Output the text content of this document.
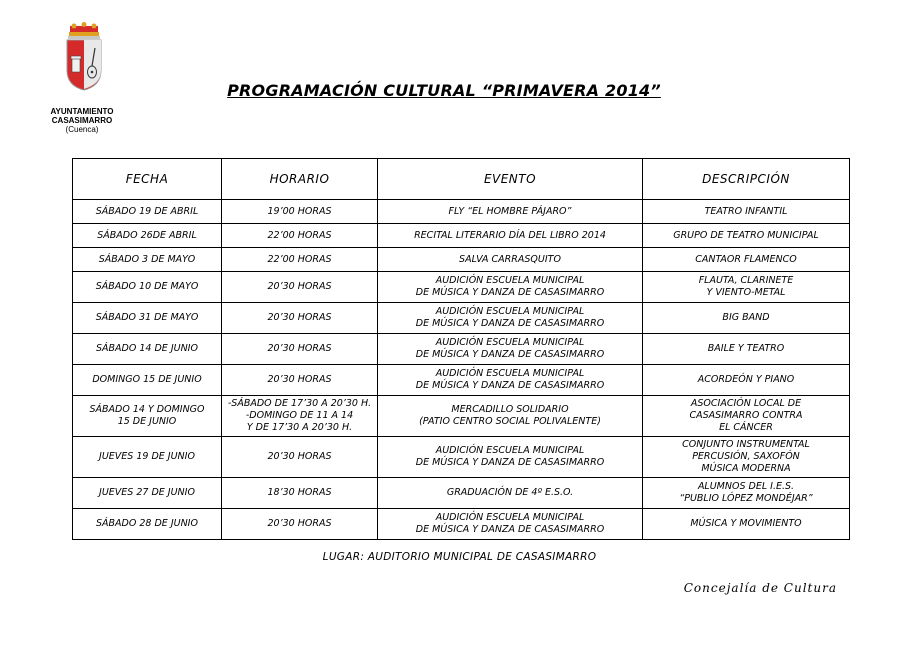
AYUNTAMIENTO
CASASIMARRO
(Cuenca)
PROGRAMACIÓN CULTURAL “PRIMAVERA 2014”
FECHA	HORARIO	EVENTO	DESCRIPCIÓN
SÁBADO 19 DE ABRIL	19’00 HORAS	FLY “EL HOMBRE PÁJARO”	TEATRO INFANTIL
SÁBADO 26DE ABRIL	22’00 HORAS	RECITAL LITERARIO DÍA DEL LIBRO 2014	GRUPO DE TEATRO MUNICIPAL
SÁBADO 3 DE MAYO	22’00 HORAS	SALVA CARRASQUITO	CANTAOR FLAMENCO
SÁBADO 10 DE MAYO	20’30 HORAS	AUDICIÓN ESCUELA MUNICIPAL
DE MÚSICA Y DANZA DE CASASIMARRO	FLAUTA, CLARINETE
Y VIENTO-METAL
SÁBADO 31 DE MAYO	20’30 HORAS	AUDICIÓN ESCUELA MUNICIPAL
DE MÚSICA Y DANZA DE CASASIMARRO	BIG BAND
SÁBADO 14 DE JUNIO	20’30 HORAS	AUDICIÓN ESCUELA MUNICIPAL
DE MÚSICA Y DANZA DE CASASIMARRO	BAILE Y TEATRO
DOMINGO 15 DE JUNIO	20’30 HORAS	AUDICIÓN ESCUELA MUNICIPAL
DE MÚSICA Y DANZA DE CASASIMARRO	ACORDEÓN Y PIANO
SÁBADO 14 Y DOMINGO
15 DE JUNIO	-SÁBADO DE 17’30 A 20’30 H.
-DOMINGO DE 11 A 14
Y DE 17’30 A 20’30 H.	MERCADILLO SOLIDARIO
(PATIO CENTRO SOCIAL POLIVALENTE)	ASOCIACIÓN LOCAL DE
CASASIMARRO CONTRA
EL CÁNCER
JUEVES 19 DE JUNIO	20’30 HORAS	AUDICIÓN ESCUELA MUNICIPAL
DE MÚSICA Y DANZA DE CASASIMARRO	CONJUNTO INSTRUMENTAL
PERCUSIÓN, SAXOFÓN
MÚSICA MODERNA
JUEVES 27 DE JUNIO	18’30 HORAS	GRADUACIÓN DE 4º E.S.O.	ALUMNOS DEL I.E.S.
“PUBLIO LÓPEZ MONDÉJAR”
SÁBADO 28 DE JUNIO	20’30 HORAS	AUDICIÓN ESCUELA MUNICIPAL
DE MÚSICA Y DANZA DE CASASIMARRO	MÚSICA Y MOVIMIENTO
LUGAR: AUDITORIO MUNICIPAL DE CASASIMARRO
Concejalía de Cultura
